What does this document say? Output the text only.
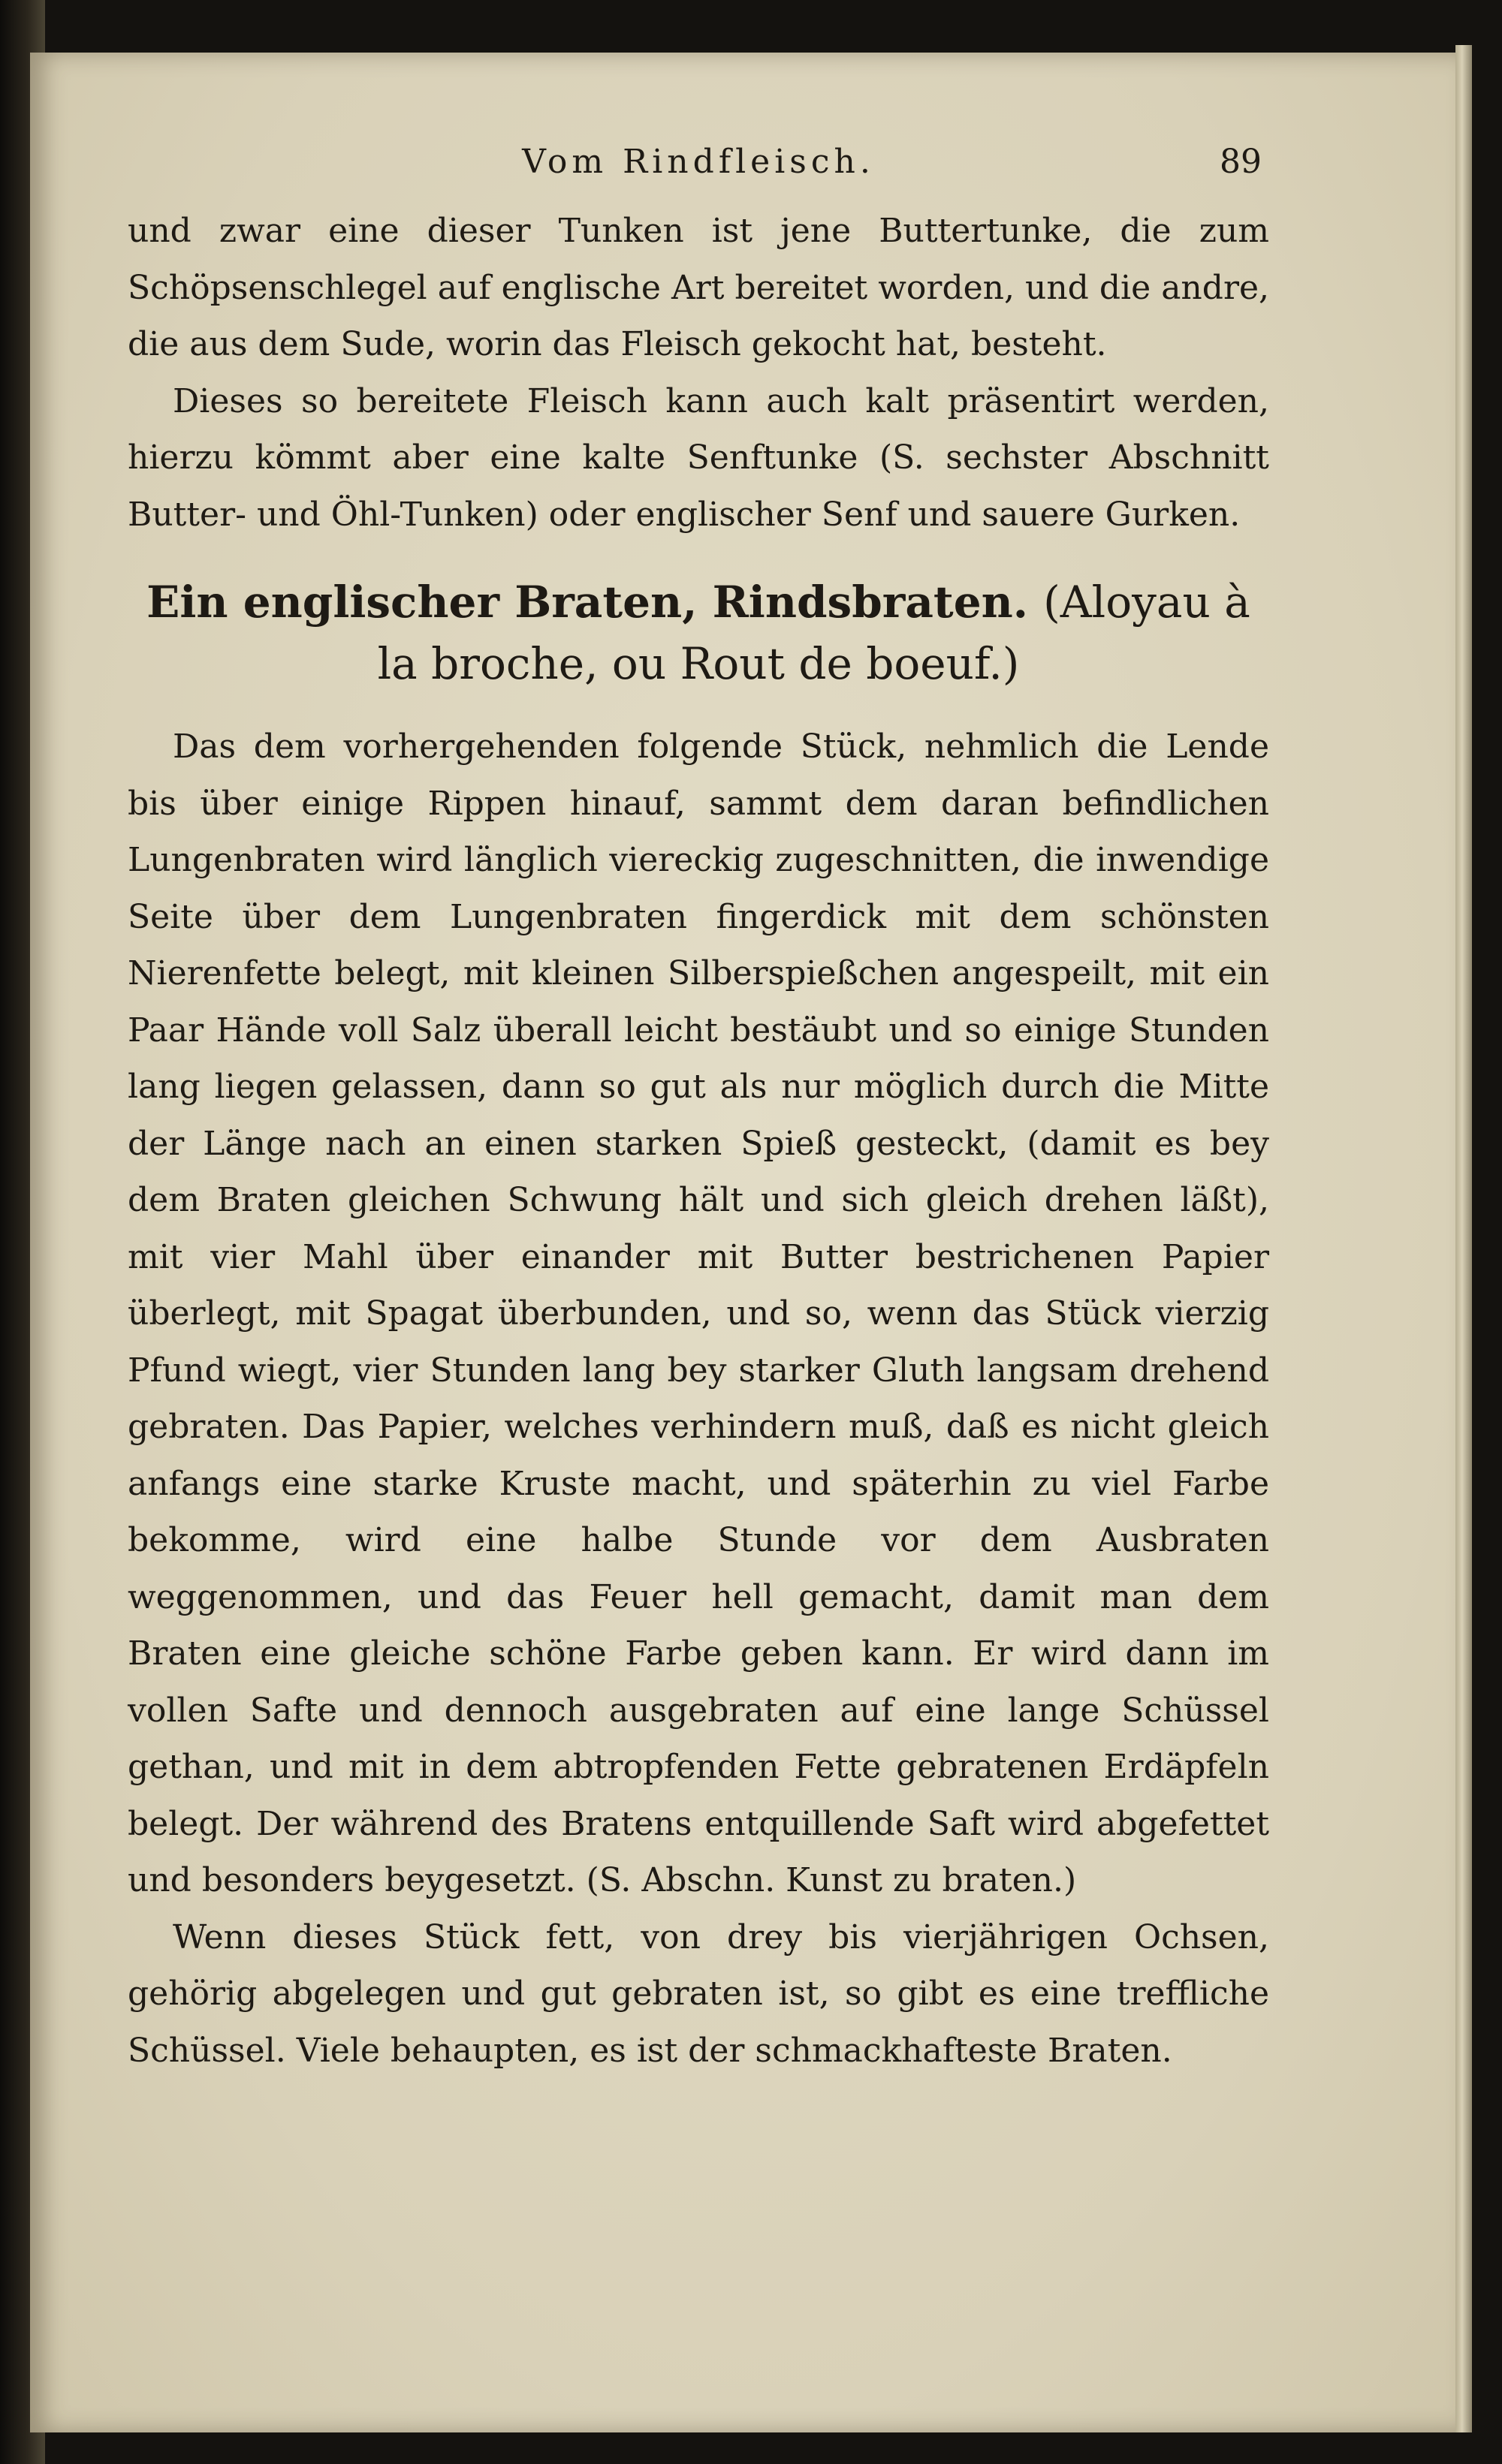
Vom Rindfleisch.	89

und zwar eine dieser Tunken ist jene Buttertunke, die zum Schöpsenschlegel auf englische Art bereitet worden, und die andre, die aus dem Sude, worin das Fleisch gekocht hat, besteht.

Dieses so bereitete Fleisch kann auch kalt präsentirt werden, hierzu kömmt aber eine kalte Senftunke (S. sechster Abschnitt Butter- und Öhl-Tunken) oder englischer Senf und sauere Gurken.

Ein englischer Braten, Rindsbraten. (Aloyau à la broche, ou Rout de boeuf.)

Das dem vorhergehenden folgende Stück, nehmlich die Lende bis über einige Rippen hinauf, sammt dem daran befindlichen Lungenbraten wird länglich viereckig zugeschnitten, die inwendige Seite über dem Lungenbraten fingerdick mit dem schönsten Nierenfette belegt, mit kleinen Silberspießchen angespeilt, mit ein Paar Hände voll Salz überall leicht bestäubt und so einige Stunden lang liegen gelassen, dann so gut als nur möglich durch die Mitte der Länge nach an einen starken Spieß gesteckt, (damit es bey dem Braten gleichen Schwung hält und sich gleich drehen läßt), mit vier Mahl über einander mit Butter bestrichenen Papier überlegt, mit Spagat überbunden, und so, wenn das Stück vierzig Pfund wiegt, vier Stunden lang bey starker Gluth langsam drehend gebraten. Das Papier, welches verhindern muß, daß es nicht gleich anfangs eine starke Kruste macht, und späterhin zu viel Farbe bekomme, wird eine halbe Stunde vor dem Ausbraten weggenommen, und das Feuer hell gemacht, damit man dem Braten eine gleiche schöne Farbe geben kann. Er wird dann im vollen Safte und dennoch ausgebraten auf eine lange Schüssel gethan, und mit in dem abtropfenden Fette gebratenen Erdäpfeln belegt. Der während des Bratens entquillende Saft wird abgefettet und besonders beygesetzt. (S. Abschn. Kunst zu braten.)

Wenn dieses Stück fett, von drey bis vierjährigen Ochsen, gehörig abgelegen und gut gebraten ist, so gibt es eine treffliche Schüssel. Viele behaupten, es ist der schmackhafteste Braten.
